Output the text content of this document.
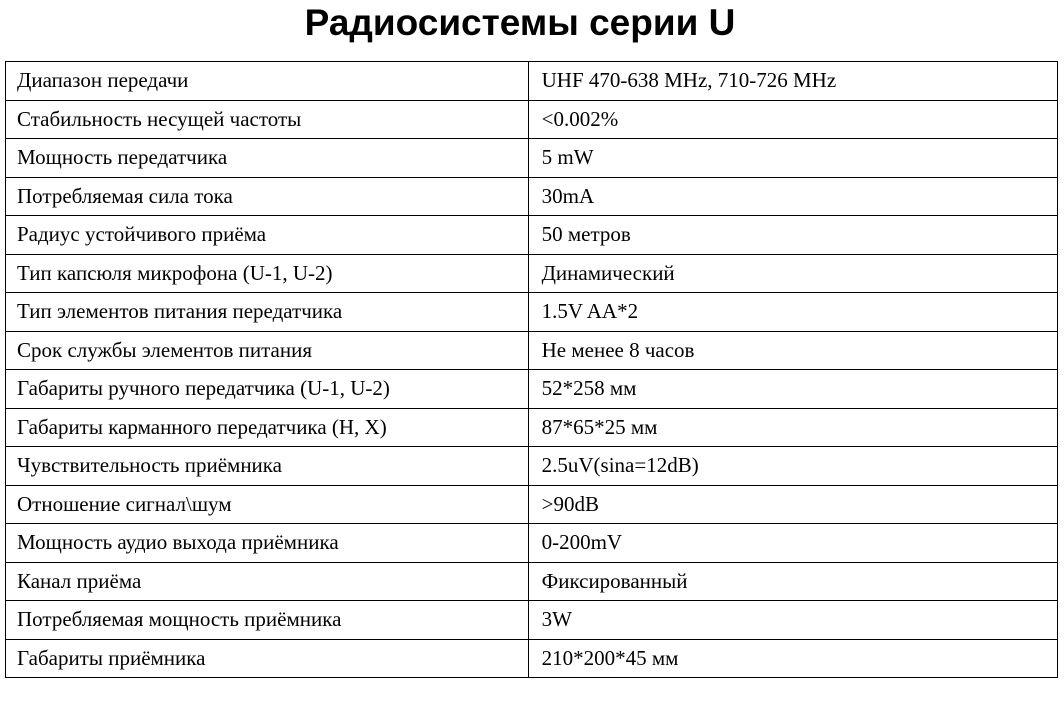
Радиосистемы серии U
Диапазон передачи	UHF 470-638 MHz, 710-726 MHz
Стабильность несущей частоты	<0.002%
Мощность передатчика	5 mW
Потребляемая сила тока	30mA
Радиус устойчивого приёма	50 метров
Тип капсюля микрофона (U-1, U-2)	Динамический
Тип элементов питания передатчика	1.5V AA*2
Срок службы элементов питания	Не менее 8 часов
Габариты ручного передатчика (U-1, U-2)	52*258 мм
Габариты карманного передатчика (H, X)	87*65*25 мм
Чувствительность приёмника	2.5uV(sina=12dB)
Отношение сигнал\шум	>90dB
Мощность аудио выхода приёмника	0-200mV
Канал приёма	Фиксированный
Потребляемая мощность приёмника	3W
Габариты приёмника	210*200*45 мм
